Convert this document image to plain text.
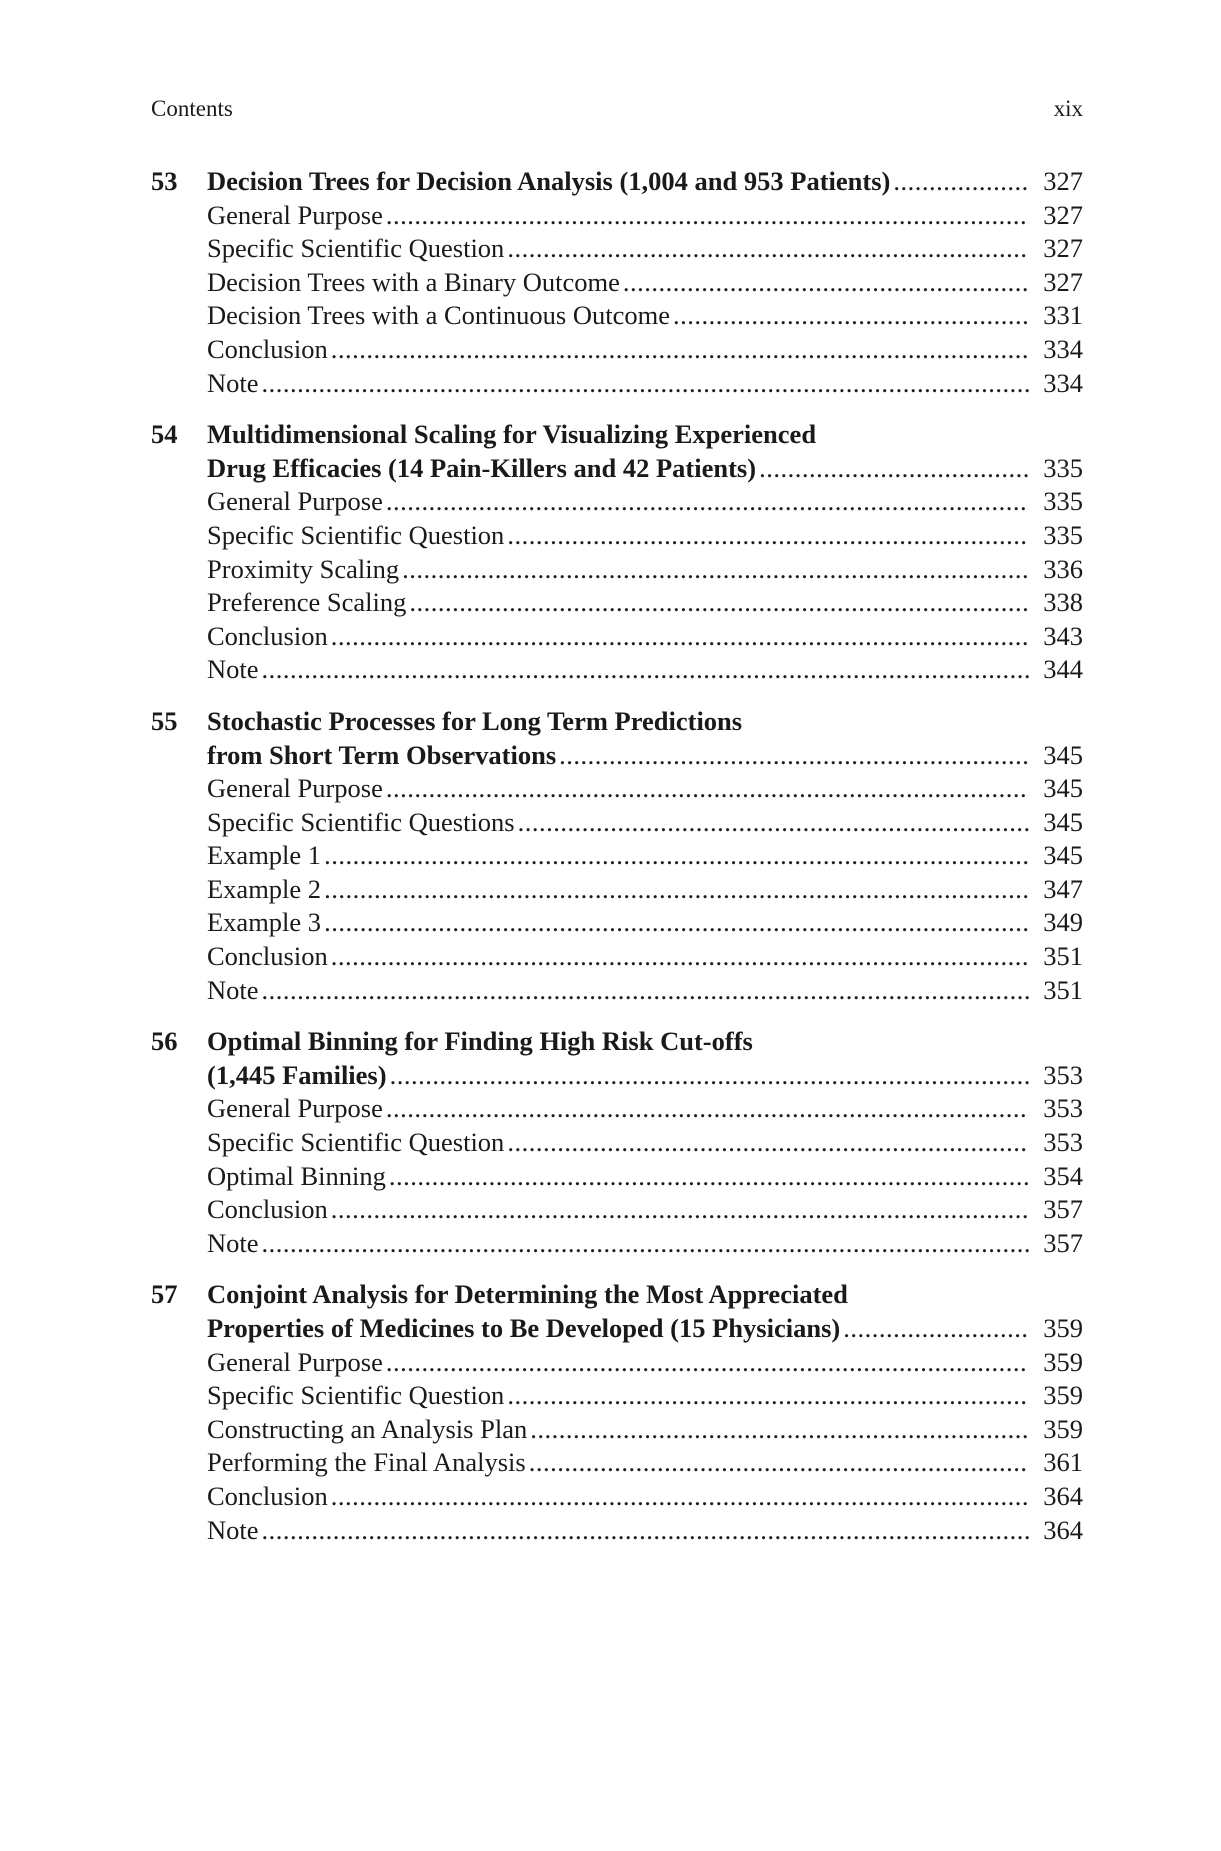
Contents	xix
53 Decision Trees for Decision Analysis (1,004 and 953 Patients) .....	327
General Purpose .....	327
Specific Scientific Question .....	327
Decision Trees with a Binary Outcome .....	327
Decision Trees with a Continuous Outcome .....	331
Conclusion .....	334
Note .....	334
54 Multidimensional Scaling for Visualizing Experienced
Drug Efficacies (14 Pain-Killers and 42 Patients) .....	335
General Purpose .....	335
Specific Scientific Question .....	335
Proximity Scaling .....	336
Preference Scaling .....	338
Conclusion .....	343
Note .....	344
55 Stochastic Processes for Long Term Predictions
from Short Term Observations .....	345
General Purpose .....	345
Specific Scientific Questions .....	345
Example 1 .....	345
Example 2 .....	347
Example 3 .....	349
Conclusion .....	351
Note .....	351
56 Optimal Binning for Finding High Risk Cut-offs
(1,445 Families) .....	353
General Purpose .....	353
Specific Scientific Question .....	353
Optimal Binning .....	354
Conclusion .....	357
Note .....	357
57 Conjoint Analysis for Determining the Most Appreciated
Properties of Medicines to Be Developed (15 Physicians) .....	359
General Purpose .....	359
Specific Scientific Question .....	359
Constructing an Analysis Plan .....	359
Performing the Final Analysis .....	361
Conclusion .....	364
Note .....	364
